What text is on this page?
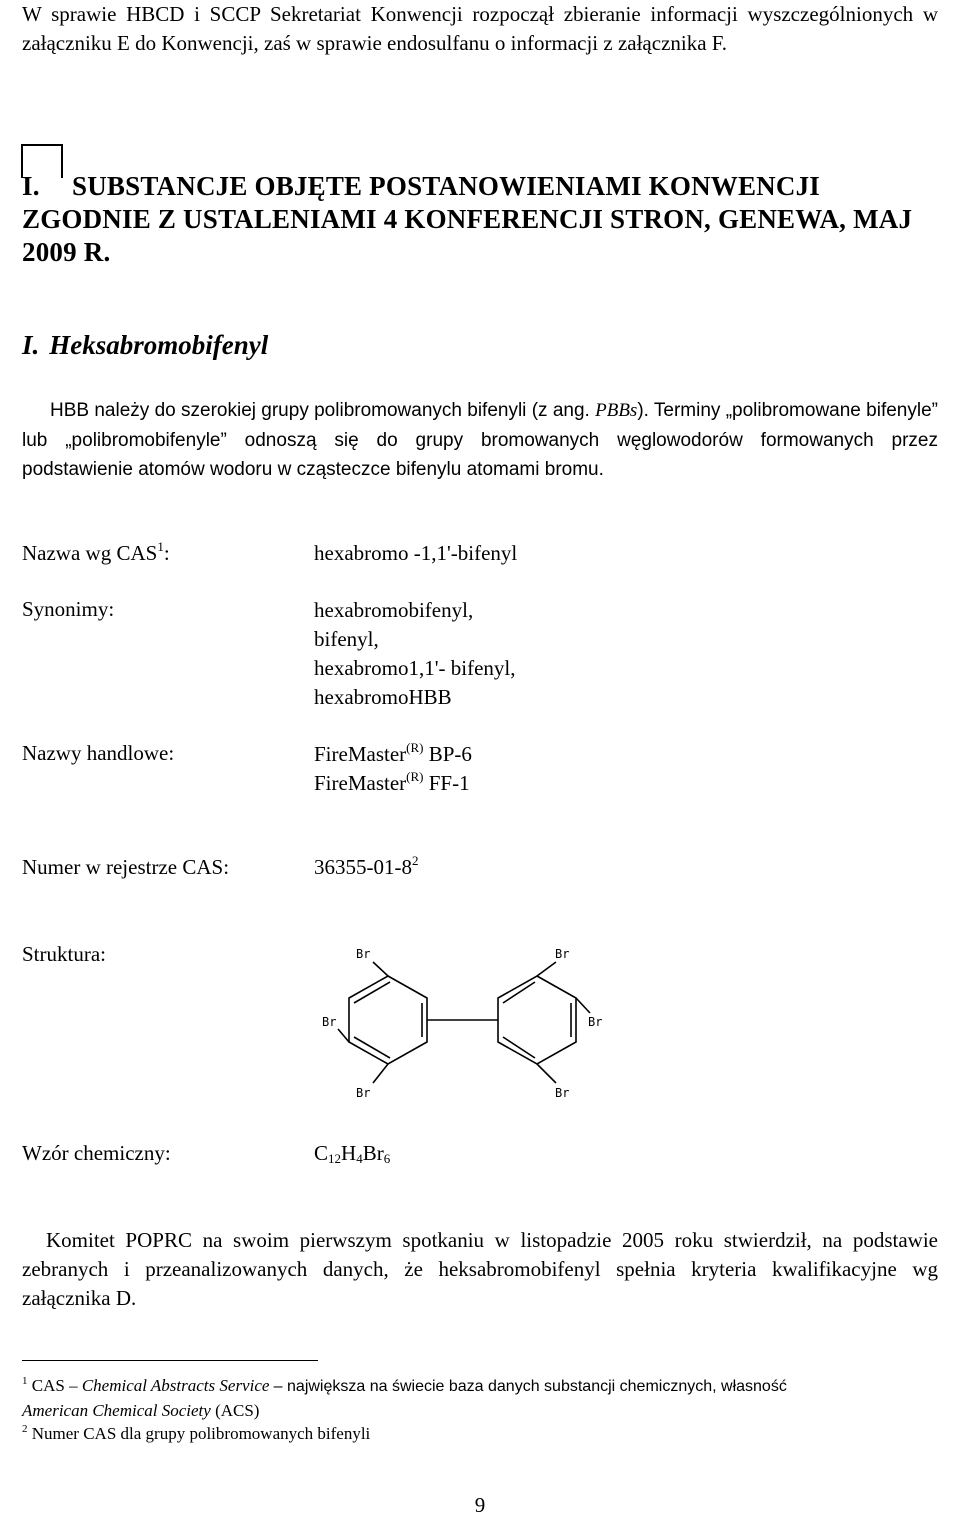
W sprawie HBCD i SCCP Sekretariat Konwencji rozpoczął zbieranie informacji wyszczególnionych w załączniku E do Konwencji, zaś w sprawie endosulfanu o informacji z załącznika F.
I. SUBSTANCJE OBJĘTE POSTANOWIENIAMI KONWENCJI ZGODNIE Z USTALENIAMI 4 KONFERENCJI STRON, GENEWA, MAJ 2009 R.
I. Heksabromobifenyl
HBB należy do szerokiej grupy polibromowanych bifenyli (z ang. PBBs). Terminy „polibromowane bifenyle” lub „polibromobifenyle” odnoszą się do grupy bromowanych węglowodorów formowanych przez podstawienie atomów wodoru w cząsteczce bifenylu atomami bromu.
Nazwa wg CAS$^1$:	hexabromo -1,1'-bifenyl
Synonimy:	hexabromobifenyl,
bifenyl,
hexabromo1,1'- bifenyl,
hexabromoHBB
Nazwy handlowe:	FireMaster$^{(R)}$ BP-6
FireMaster$^{(R)}$ FF-1
Numer w rejestrze CAS:	$36355-01-8^2$
Struktura:	Br	Br
Br	Br
Br	Br
Wzór chemiczny:	$C_{12}H_4Br_6$
Komitet POPRC na swoim pierwszym spotkaniu w listopadzie 2005 roku stwierdził, na podstawie zebranych i przeanalizowanych danych, że heksabromobifenyl spełnia kryteria kwalifikacyjne wg załącznika D.
$^1$ CAS – Chemical Abstracts Service – największa na świecie baza danych substancji chemicznych, własność
American Chemical Society (ACS)
$^2$ Numer CAS dla grupy polibromowanych bifenyli
9
